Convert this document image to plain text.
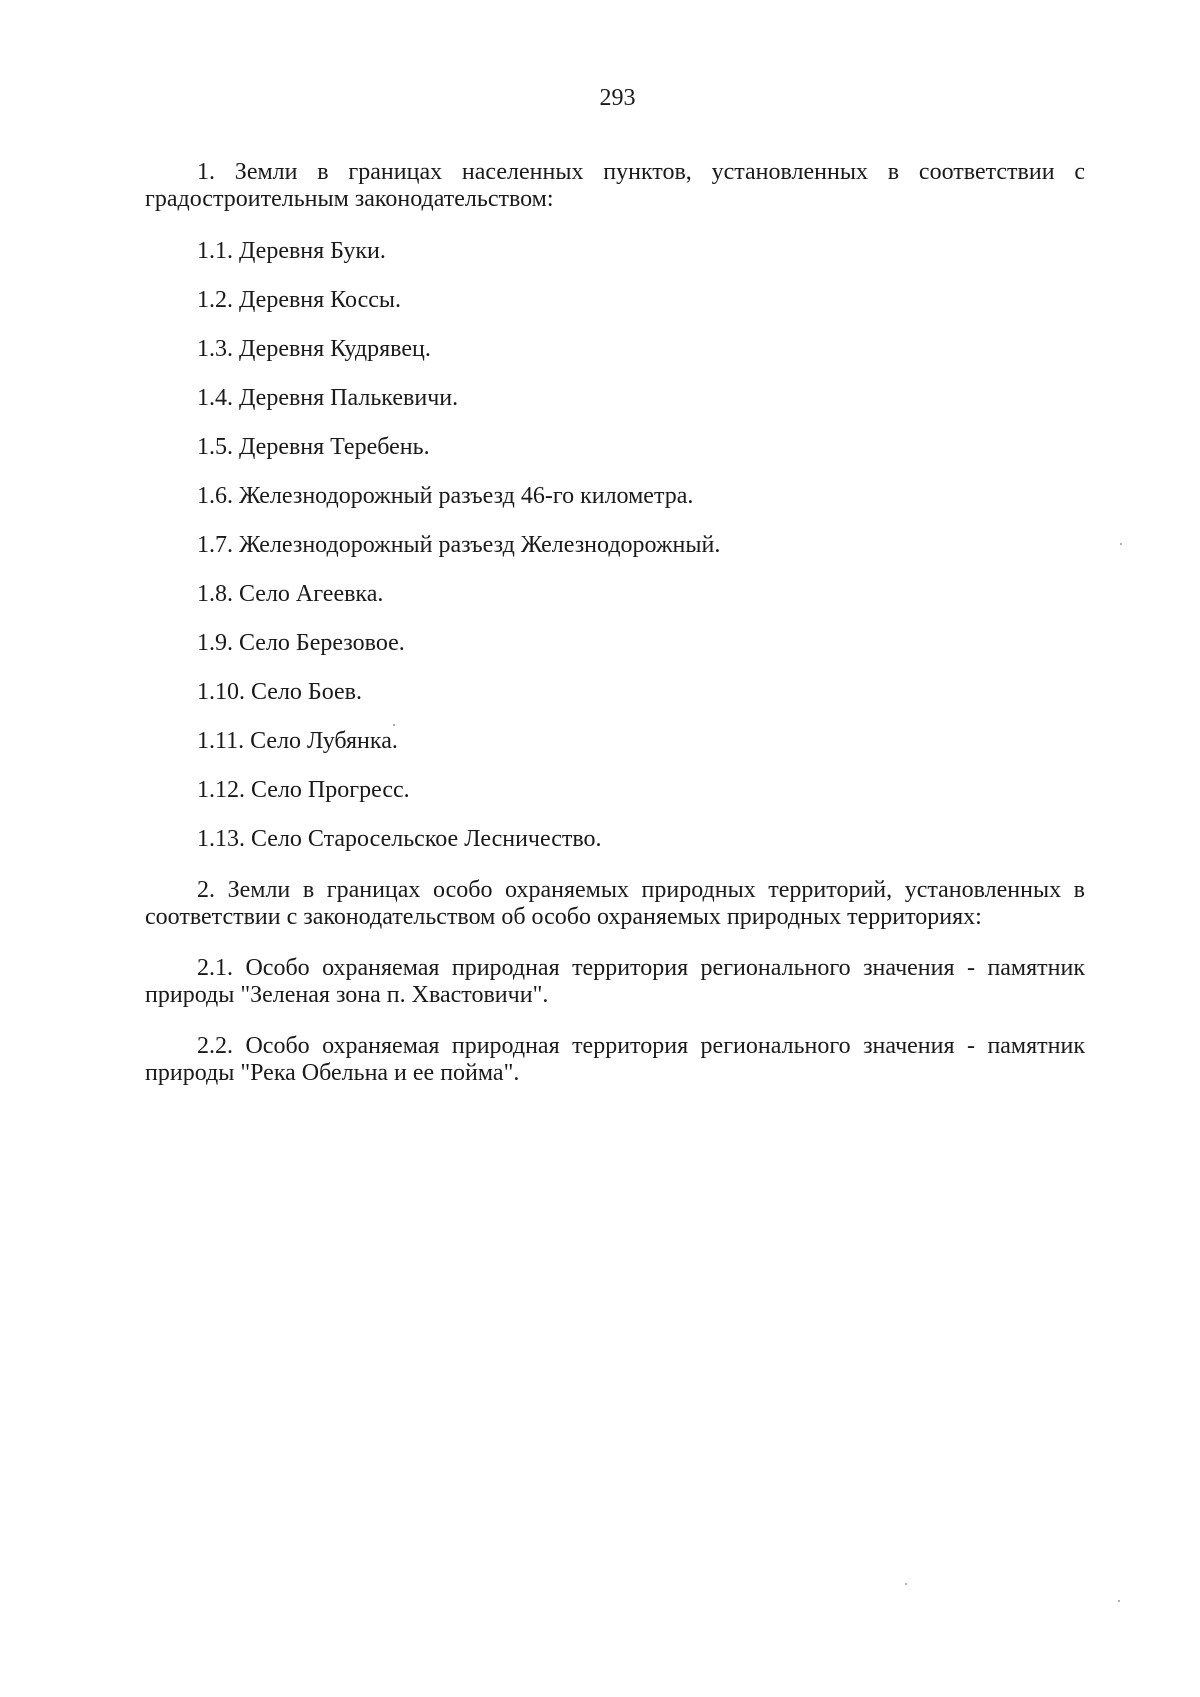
293

1. Земли в границах населенных пунктов, установленных в соответствии с градостроительным законодательством:

1.1. Деревня Буки.

1.2. Деревня Коссы.

1.3. Деревня Кудрявец.

1.4. Деревня Палькевичи.

1.5. Деревня Теребень.

1.6. Железнодорожный разъезд 46-го километра.

1.7. Железнодорожный разъезд Железнодорожный.

1.8. Село Агеевка.

1.9. Село Березовое.

1.10. Село Боев.

1.11. Село Лубянка.

1.12. Село Прогресс.

1.13. Село Старосельское Лесничество.

2. Земли в границах особо охраняемых природных территорий, установленных в соответствии с законодательством об особо охраняемых природных территориях:

2.1. Особо охраняемая природная территория регионального значения - памятник природы "Зеленая зона п. Хвастовичи".

2.2. Особо охраняемая природная территория регионального значения - памятник природы "Река Обельна и ее пойма".
